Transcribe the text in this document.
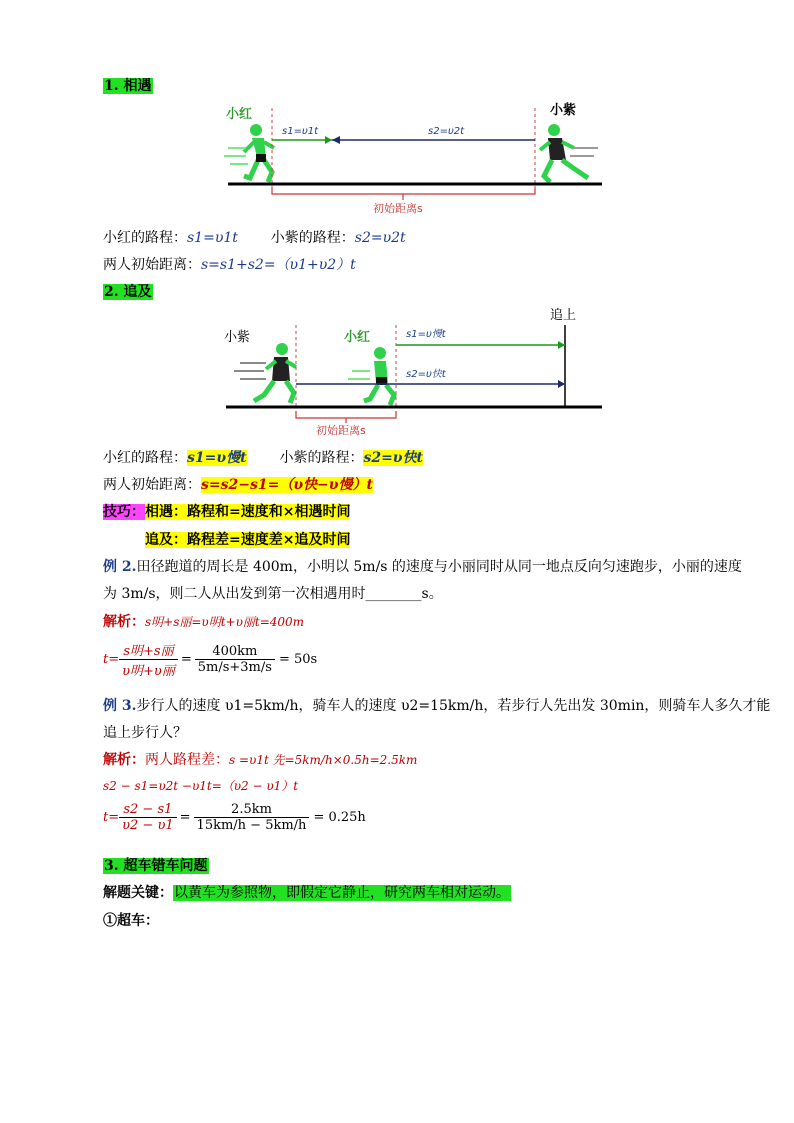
1. 相遇
小红	小紫
s1=υ1t	s2=υ2t
初始距离s
小红的路程：s1=υ1t 小紫的路程：s2=υ2t
两人初始距离：s=s1+s2=（υ1+υ2）t
2. 追及
小紫	小红
追上
s1=υ慢t
s2=υ快t
初始距离s
小红的路程：s1=υ慢t 小紫的路程：s2=υ快t
两人初始距离：s=s2−s1=（υ快−υ慢）t
技巧：相遇：路程和=速度和×相遇时间
追及：路程差=速度差×追及时间
例 2.田径跑道的周长是 400m，小明以 5m/s 的速度与小丽同时从同一地点反向匀速跑步，小丽的速度
为 3m/s，则二人从出发到第一次相遇用时________s。
解析：s明+s丽=υ明t+υ丽t=400m
$t= \frac{\text{s明+s丽}}{\text{υ明+υ丽}} = \frac{400km}{5m/s+3m/s} = 50s$
例 3.步行人的速度 υ1=5km/h，骑车人的速度 υ2=15km/h，若步行人先出发 30min，则骑车人多久才能
追上步行人？
解析：两人路程差：s =υ1t 先=5km/h×0.5h=2.5km
s2 − s1=υ2t −υ1t=（υ2 − υ1）t
$t= \frac{s2 - s1}{\upsilon 2 - \upsilon 1} = \frac{2.5km}{15km/h - 5km/h} = 0.25h$
3. 超车错车问题
解题关键：以黄车为参照物，即假定它静止，研究两车相对运动。
①超车：
